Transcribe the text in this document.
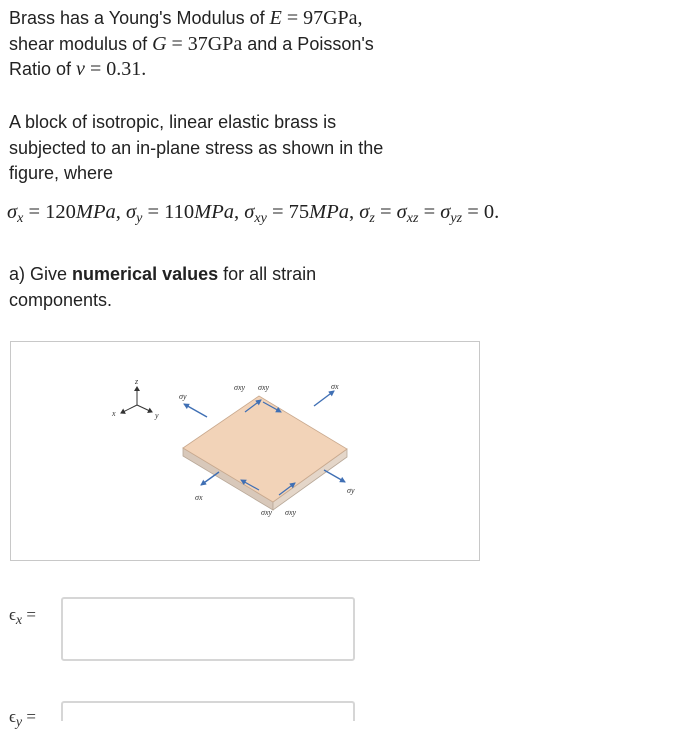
Brass has a Young's Modulus of E = 97GPa,
shear modulus of G = 37GPa and a Poisson's
Ratio of ν = 0.31.

A block of isotropic, linear elastic brass is
subjected to an in-plane stress as shown in the
figure, where

$\sigma_x = 120MPa$, $\sigma_y = 110MPa$, $\sigma_{xy} = 75MPa$, $\sigma_z = \sigma_{xz} = \sigma_{yz} = 0$.

a) Give numerical values for all strain
components.

z
x	y
σy
σxy σxy	σx
σx
σy
σxy σxy
$\epsilon_x$ =
$\epsilon_y$ =
